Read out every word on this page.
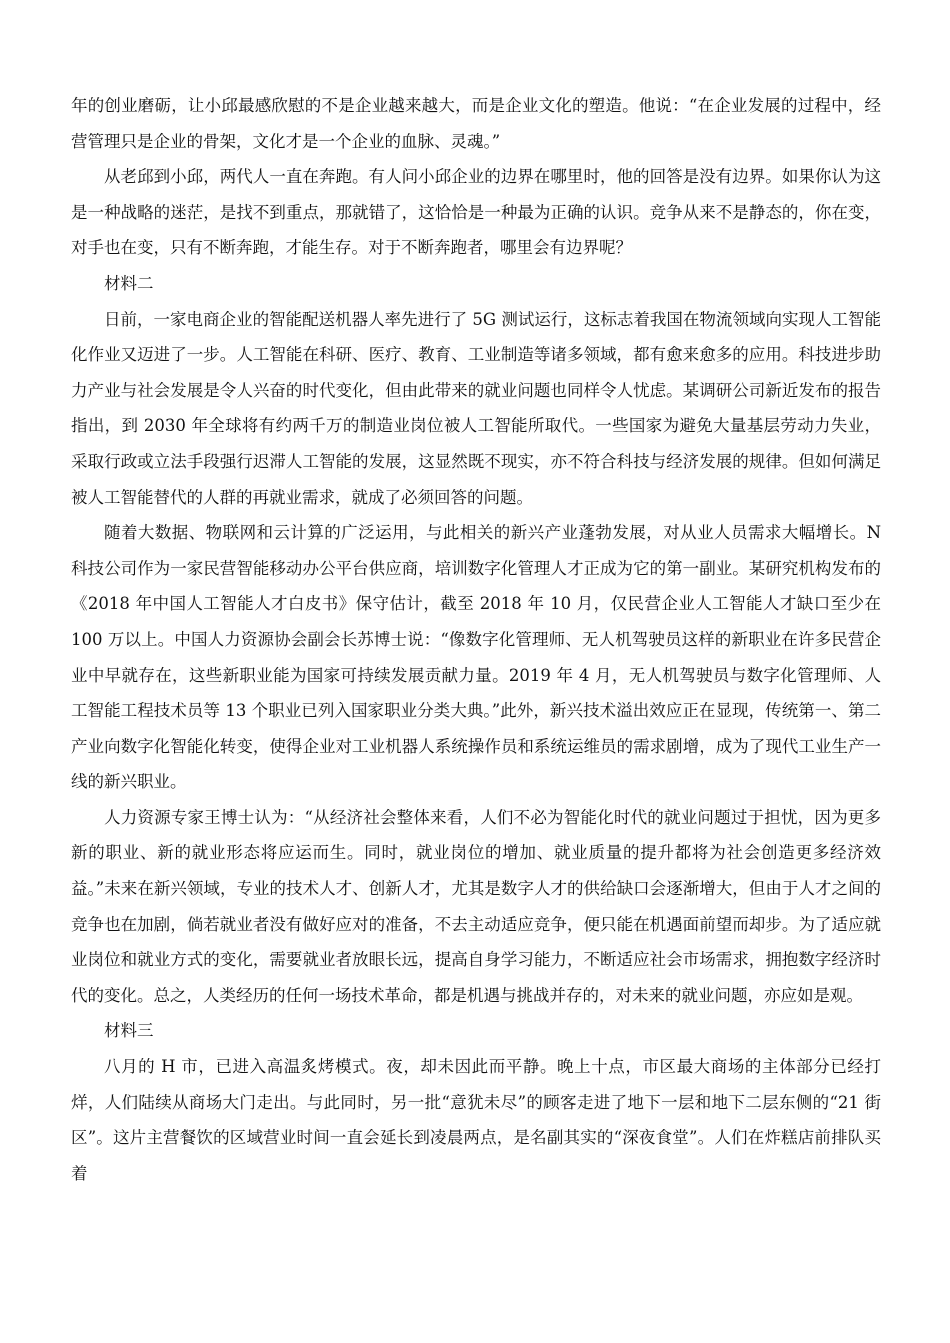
年的创业磨砺，让小邱最感欣慰的不是企业越来越大，而是企业文化的塑造。他说：“在企业发展的过程中，经营管理只是企业的骨架，文化才是一个企业的血脉、灵魂。”

从老邱到小邱，两代人一直在奔跑。有人问小邱企业的边界在哪里时，他的回答是没有边界。如果你认为这是一种战略的迷茫，是找不到重点，那就错了，这恰恰是一种最为正确的认识。竞争从来不是静态的，你在变，对手也在变，只有不断奔跑，才能生存。对于不断奔跑者，哪里会有边界呢？

材料二

日前，一家电商企业的智能配送机器人率先进行了 5G 测试运行，这标志着我国在物流领域向实现人工智能化作业又迈进了一步。人工智能在科研、医疗、教育、工业制造等诸多领域，都有愈来愈多的应用。科技进步助力产业与社会发展是令人兴奋的时代变化，但由此带来的就业问题也同样令人忧虑。某调研公司新近发布的报告指出，到 2030 年全球将有约两千万的制造业岗位被人工智能所取代。一些国家为避免大量基层劳动力失业，采取行政或立法手段强行迟滞人工智能的发展，这显然既不现实，亦不符合科技与经济发展的规律。但如何满足被人工智能替代的人群的再就业需求，就成了必须回答的问题。

随着大数据、物联网和云计算的广泛运用，与此相关的新兴产业蓬勃发展，对从业人员需求大幅增长。N 科技公司作为一家民营智能移动办公平台供应商，培训数字化管理人才正成为它的第一副业。某研究机构发布的《2018 年中国人工智能人才白皮书》保守估计，截至 2018 年 10 月，仅民营企业人工智能人才缺口至少在 100 万以上。中国人力资源协会副会长苏博士说：“像数字化管理师、无人机驾驶员这样的新职业在许多民营企业中早就存在，这些新职业能为国家可持续发展贡献力量。2019 年 4 月，无人机驾驶员与数字化管理师、人工智能工程技术员等 13 个职业已列入国家职业分类大典。”此外，新兴技术溢出效应正在显现，传统第一、第二产业向数字化智能化转变，使得企业对工业机器人系统操作员和系统运维员的需求剧增，成为了现代工业生产一线的新兴职业。

人力资源专家王博士认为：“从经济社会整体来看，人们不必为智能化时代的就业问题过于担忧，因为更多新的职业、新的就业形态将应运而生。同时，就业岗位的增加、就业质量的提升都将为社会创造更多经济效益。”未来在新兴领域，专业的技术人才、创新人才，尤其是数字人才的供给缺口会逐渐增大，但由于人才之间的竞争也在加剧，倘若就业者没有做好应对的准备，不去主动适应竞争，便只能在机遇面前望而却步。为了适应就业岗位和就业方式的变化，需要就业者放眼长远，提高自身学习能力，不断适应社会市场需求，拥抱数字经济时代的变化。总之，人类经历的任何一场技术革命，都是机遇与挑战并存的，对未来的就业问题，亦应如是观。

材料三

八月的 H 市，已进入高温炙烤模式。夜，却未因此而平静。晚上十点，市区最大商场的主体部分已经打烊，人们陆续从商场大门走出。与此同时，另一批“意犹未尽”的顾客走进了地下一层和地下二层东侧的“21 街区”。这片主营餐饮的区域营业时间一直会延长到凌晨两点，是名副其实的“深夜食堂”。人们在炸糕店前排队买着
